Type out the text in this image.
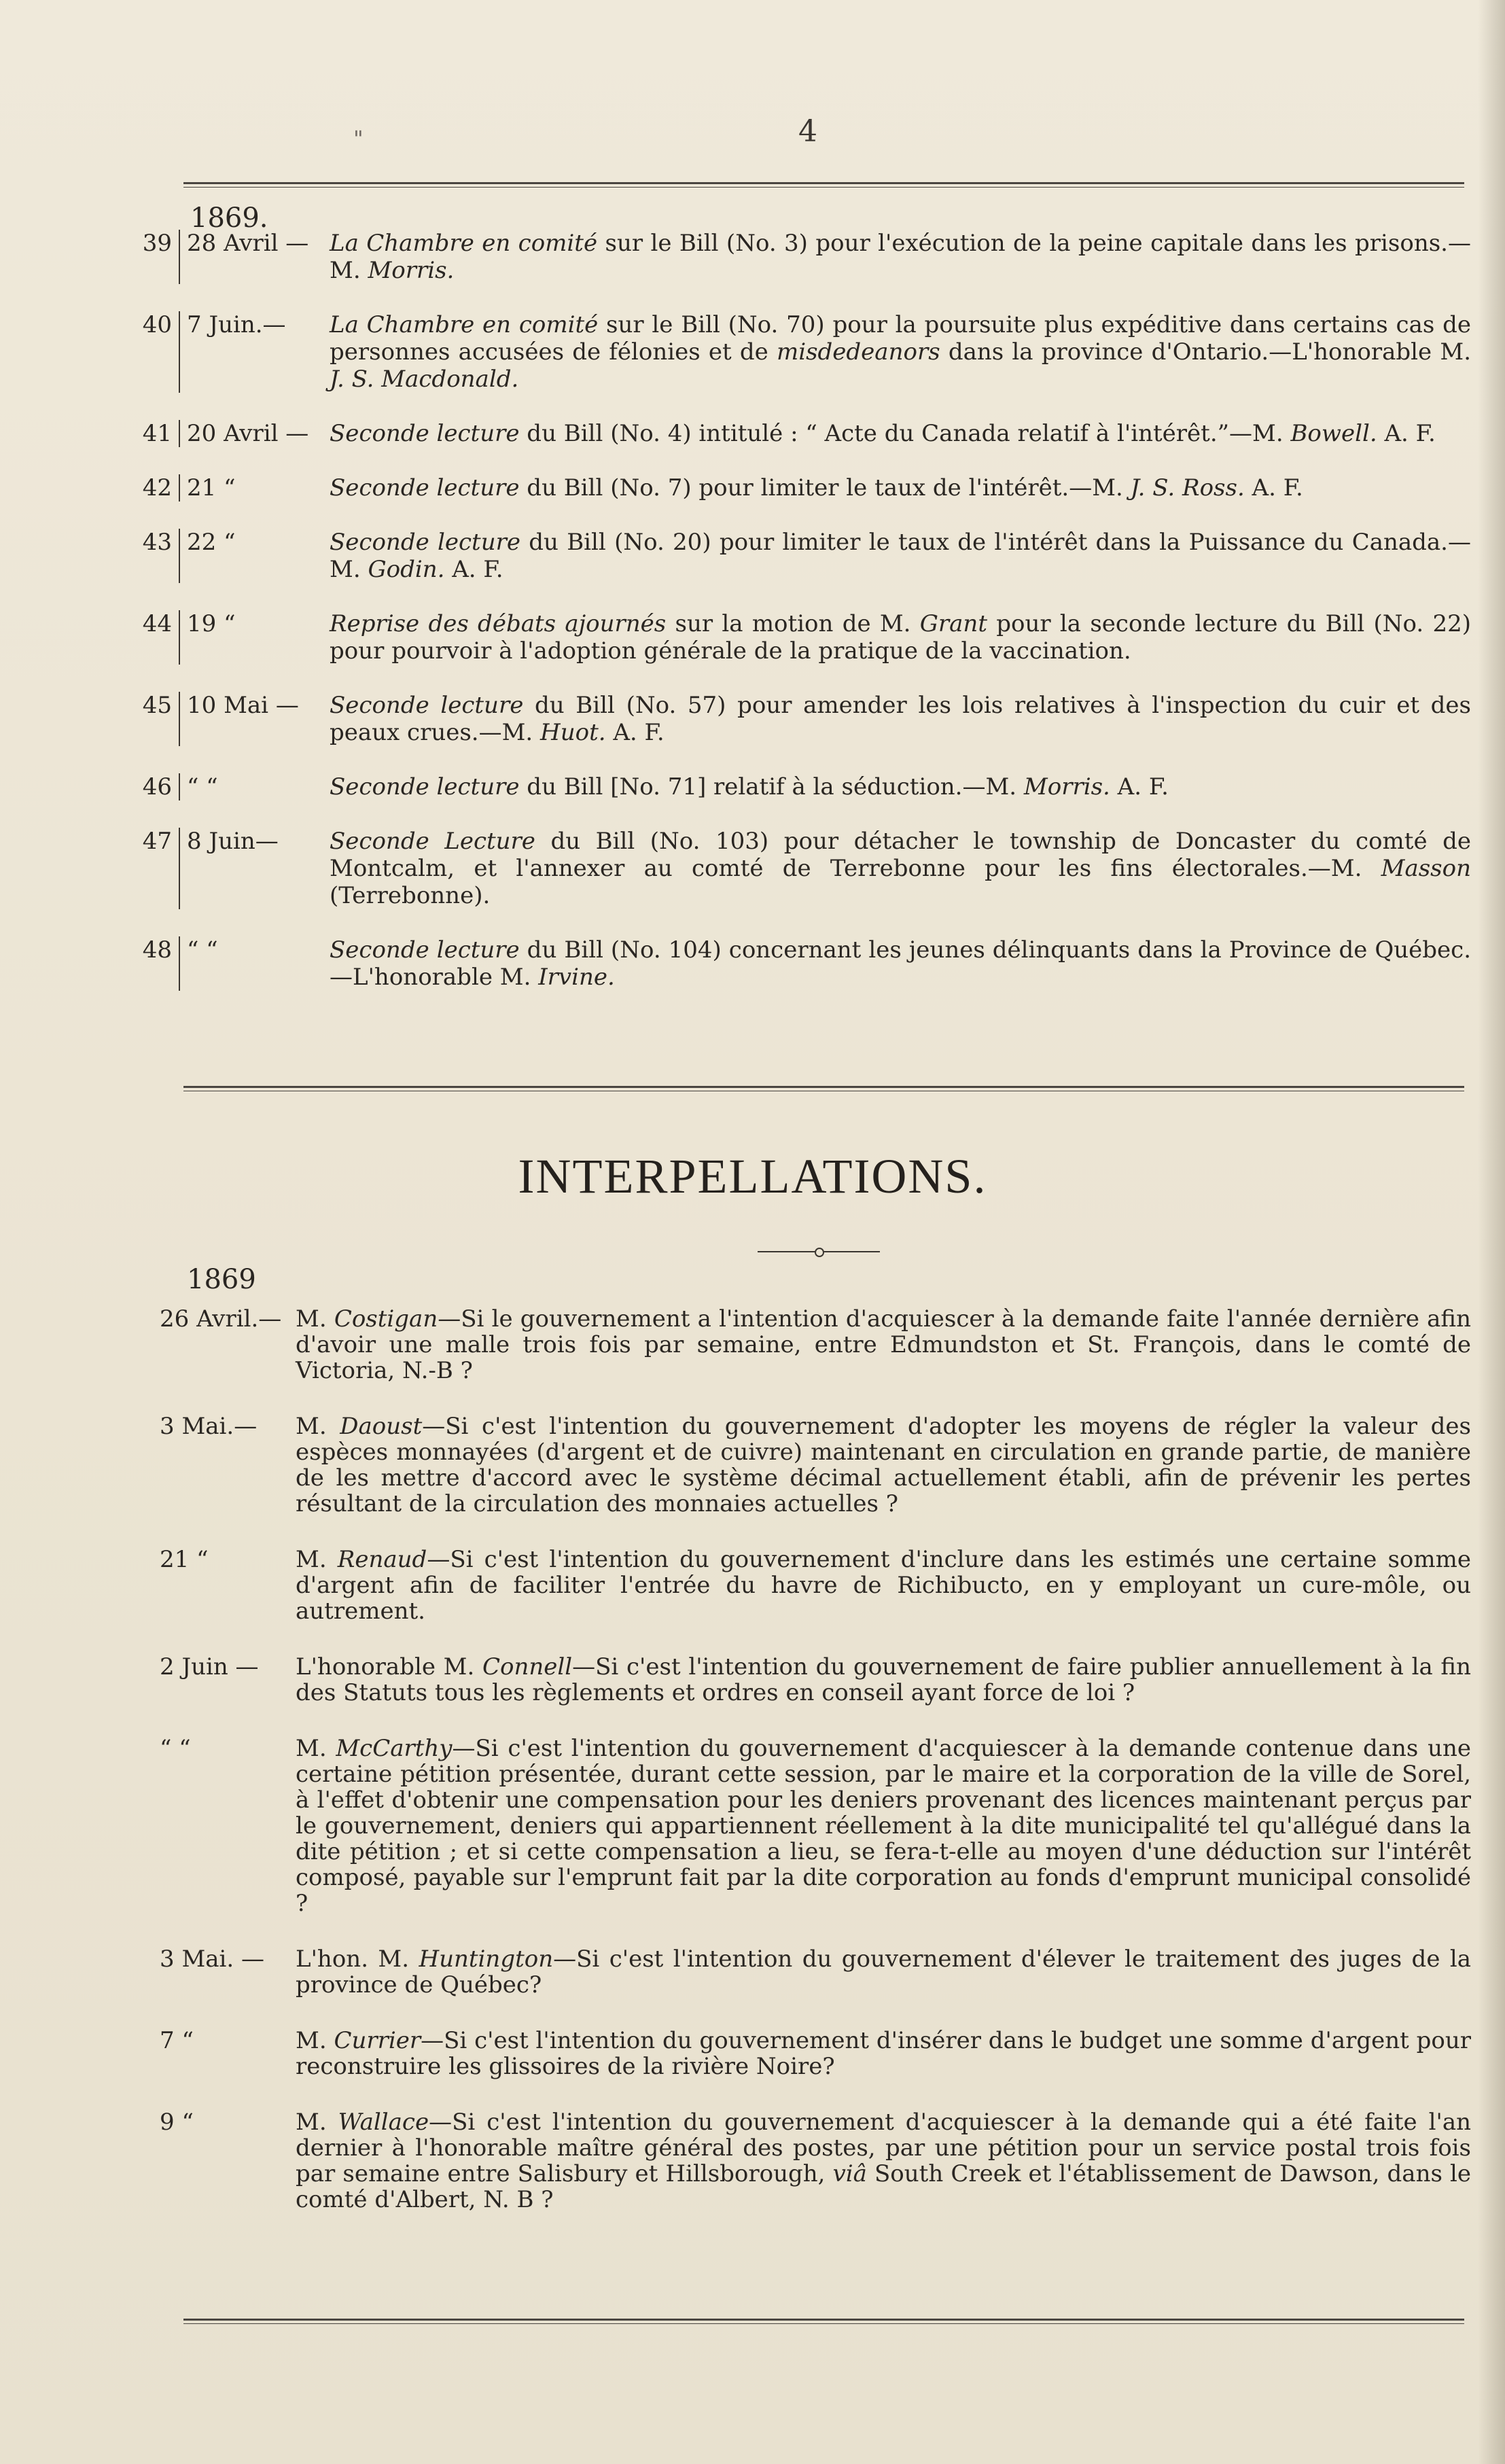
"	4
1869.
39 28 Avril — La Chambre en comité sur le Bill (No. 3) pour l'exécution de la peine capitale dans les prisons.—M. Morris.
40 7 Juin.—	La Chambre en comité sur le Bill (No. 70) pour la poursuite plus expéditive dans certains cas de personnes accusées de félonies et de misdedeanors dans la province d'Ontario.—L'honorable M. J. S. Macdonald.
41 20 Avril — Seconde lecture du Bill (No. 4) intitulé : “ Acte du Canada relatif à l'intérêt.”—M. Bowell. A. F.
42 21 “	Seconde lecture du Bill (No. 7) pour limiter le taux de l'intérêt.—M. J. S. Ross. A. F.
43 22 “	Seconde lecture du Bill (No. 20) pour limiter le taux de l'intérêt dans la Puissance du Canada.—M. Godin. A. F.
44 19 “	Reprise des débats ajournés sur la motion de M. Grant pour la seconde lecture du Bill (No. 22) pour pourvoir à l'adoption générale de la pratique de la vaccination.
45 10 Mai —	Seconde lecture du Bill (No. 57) pour amender les lois relatives à l'inspection du cuir et des peaux crues.—M. Huot. A. F.
46 “ “	Seconde lecture du Bill [No. 71] relatif à la séduction.—M. Morris. A. F.
47 8 Juin—	Seconde Lecture du Bill (No. 103) pour détacher le township de Doncaster du comté de Montcalm, et l'annexer au comté de Terrebonne pour les fins électorales.—M. Masson (Terrebonne).
48 “ “	Seconde lecture du Bill (No. 104) concernant les jeunes délinquants dans la Province de Québec.—L'honorable M. Irvine.
INTERPELLATIONS.
1869
26 Avril.— M. Costigan—Si le gouvernement a l'intention d'acquiescer à la demande faite l'année dernière afin d'avoir une malle trois fois par semaine, entre Edmundston et St. François, dans le comté de Victoria, N.-B ?
3 Mai.—	M. Daoust—Si c'est l'intention du gouvernement d'adopter les moyens de régler la valeur des espèces monnayées (d'argent et de cuivre) maintenant en circulation en grande partie, de manière de les mettre d'accord avec le système décimal actuellement établi, afin de prévenir les pertes résultant de la circulation des monnaies actuelles ?
21 “	M. Renaud—Si c'est l'intention du gouvernement d'inclure dans les estimés une certaine somme d'argent afin de faciliter l'entrée du havre de Richibucto, en y employant un cure-môle, ou autrement.
2 Juin —	L'honorable M. Connell—Si c'est l'intention du gouvernement de faire publier annuellement à la fin des Statuts tous les règlements et ordres en conseil ayant force de loi ?
“ “	M. McCarthy—Si c'est l'intention du gouvernement d'acquiescer à la demande contenue dans une certaine pétition présentée, durant cette session, par le maire et la corporation de la ville de Sorel, à l'effet d'obtenir une compensation pour les deniers provenant des licences maintenant perçus par le gouvernement, deniers qui appartiennent réellement à la dite municipalité tel qu'allégué dans la dite pétition ; et si cette compensation a lieu, se fera-t-elle au moyen d'une déduction sur l'intérêt composé, payable sur l'emprunt fait par la dite corporation au fonds d'emprunt municipal consolidé ?
3 Mai. —	L'hon. M. Huntington—Si c'est l'intention du gouvernement d'élever le traitement des juges de la province de Québec?
7 “	M. Currier—Si c'est l'intention du gouvernement d'insérer dans le budget une somme d'argent pour reconstruire les glissoires de la rivière Noire?
9 “	M. Wallace—Si c'est l'intention du gouvernement d'acquiescer à la demande qui a été faite l'an dernier à l'honorable maître général des postes, par une pétition pour un service postal trois fois par semaine entre Salisbury et Hillsborough, viâ South Creek et l'établissement de Dawson, dans le comté d'Albert, N. B ?
